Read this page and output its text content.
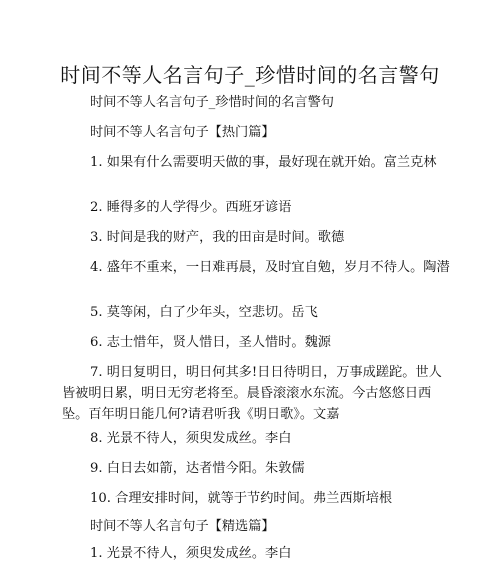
时间不等人名言句子_珍惜时间的名言警句

时间不等人名言句子_珍惜时间的名言警句

时间不等人名言句子【热门篇】

1. 如果有什么需要明天做的事，最好现在就开始。富兰克林

2. 睡得多的人学得少。西班牙谚语

3. 时间是我的财产，我的田亩是时间。歌德

4. 盛年不重来，一日难再晨，及时宜自勉，岁月不待人。陶潜

5. 莫等闲，白了少年头，空悲切。岳飞

6. 志士惜年，贤人惜日，圣人惜时。魏源

7. 明日复明日，明日何其多!日日待明日，万事成蹉跎。世人皆被明日累，明日无穷老将至。晨昏滚滚水东流。今古悠悠日西坠。百年明日能几何?请君听我《明日歌》。文嘉

8. 光景不待人，须臾发成丝。李白

9. 白日去如箭，达者惜今阳。朱敦儒

10. 合理安排时间，就等于节约时间。弗兰西斯培根

时间不等人名言句子【精选篇】

1. 光景不待人，须臾发成丝。李白
